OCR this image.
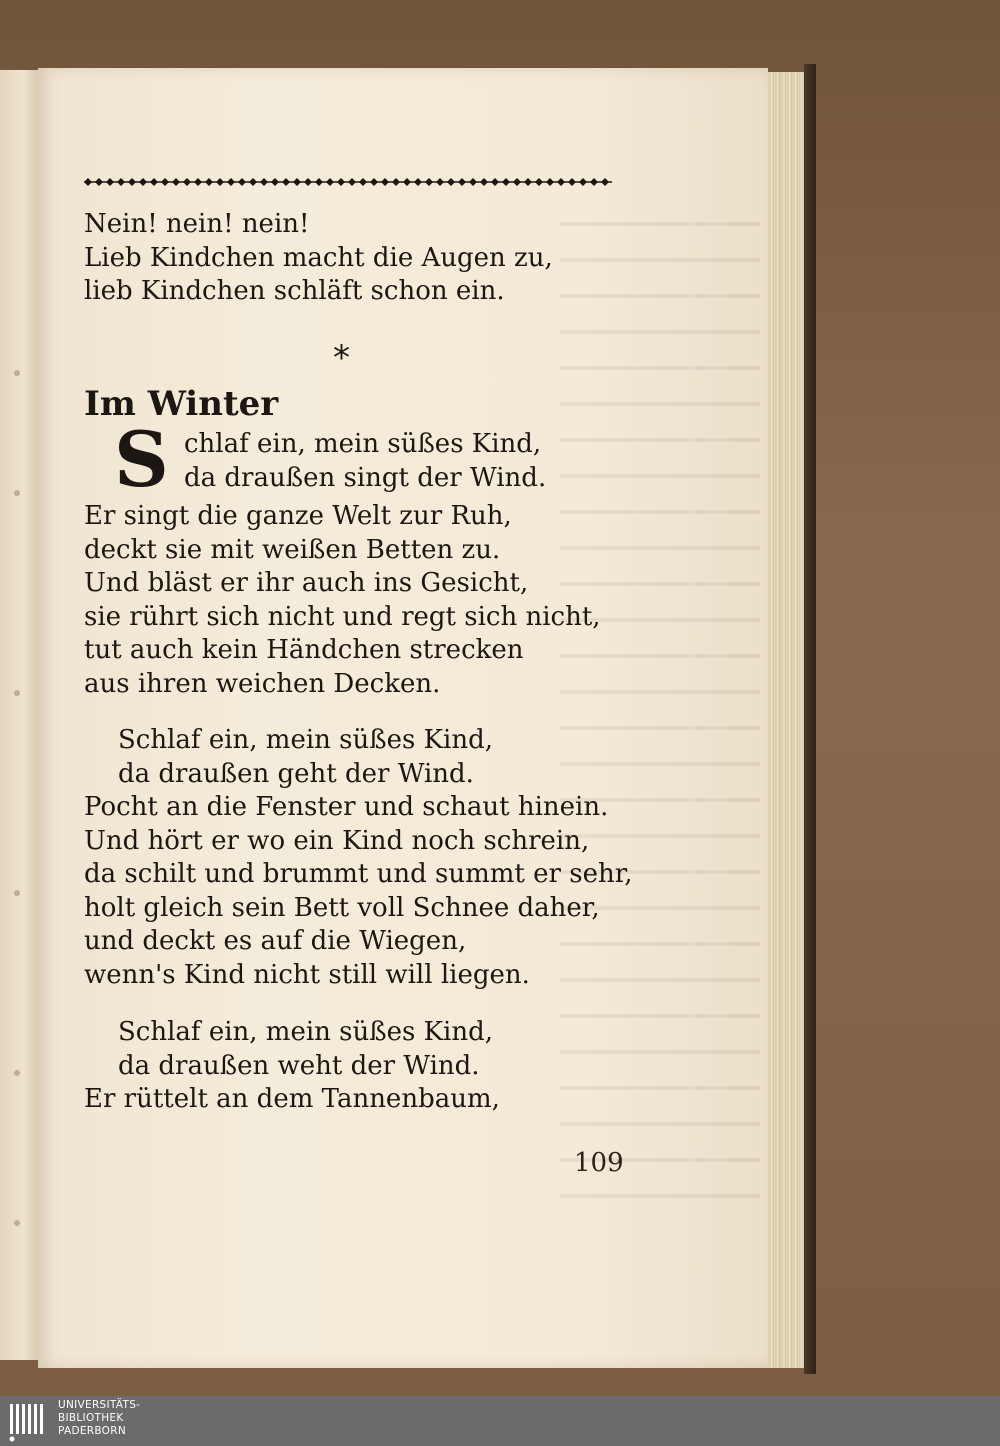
Nein! nein! nein!
Lieb Kindchen macht die Augen zu,
lieb Kindchen schläft schon ein.
*
Im Winter
S chlaf ein, mein süßes Kind,
da draußen singt der Wind.
Er singt die ganze Welt zur Ruh,
deckt sie mit weißen Betten zu.
Und bläst er ihr auch ins Gesicht,
sie rührt sich nicht und regt sich nicht,
tut auch kein Händchen strecken
aus ihren weichen Decken.
Schlaf ein, mein süßes Kind,
da draußen geht der Wind.
Pocht an die Fenster und schaut hinein.
Und hört er wo ein Kind noch schrein,
da schilt und brummt und summt er sehr,
holt gleich sein Bett voll Schnee daher,
und deckt es auf die Wiegen,
wenn's Kind nicht still will liegen.
Schlaf ein, mein süßes Kind,
da draußen weht der Wind.
Er rüttelt an dem Tannenbaum,
109
UNIVERSITÄTS-
BIBLIOTHEK
PADERBORN
